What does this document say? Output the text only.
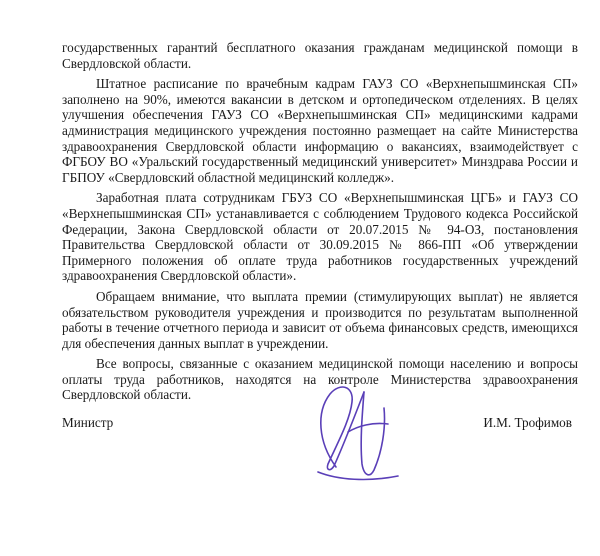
государственных гарантий бесплатного оказания гражданам медицинской помощи в Свердловской области.

Штатное расписание по врачебным кадрам ГАУЗ СО «Верхнепышминская СП» заполнено на 90%, имеются вакансии в детском и ортопедическом отделениях. В целях улучшения обеспечения ГАУЗ СО «Верхнепышминская СП» медицинскими кадрами администрация медицинского учреждения постоянно размещает на сайте Министерства здравоохранения Свердловской области информацию о вакансиях, взаимодействует с ФГБОУ ВО «Уральский государственный медицинский университет» Минздрава России и ГБПОУ «Свердловский областной медицинский колледж».

Заработная плата сотрудникам ГБУЗ СО «Верхнепышминская ЦГБ» и ГАУЗ СО «Верхнепышминская СП» устанавливается с соблюдением Трудового кодекса Российской Федерации, Закона Свердловской области от 20.07.2015 № 94-ОЗ, постановления Правительства Свердловской области от 30.09.2015 № 866-ПП «Об утверждении Примерного положения об оплате труда работников государственных учреждений здравоохранения Свердловской области».

Обращаем внимание, что выплата премии (стимулирующих выплат) не является обязательством руководителя учреждения и производится по результатам выполненной работы в течение отчетного периода и зависит от объема финансовых средств, имеющихся для обеспечения данных выплат в учреждении.

Все вопросы, связанные с оказанием медицинской помощи населению и вопросы оплаты труда работников, находятся на контроле Министерства здравоохранения Свердловской области.

Министр	И.М. Трофимов
